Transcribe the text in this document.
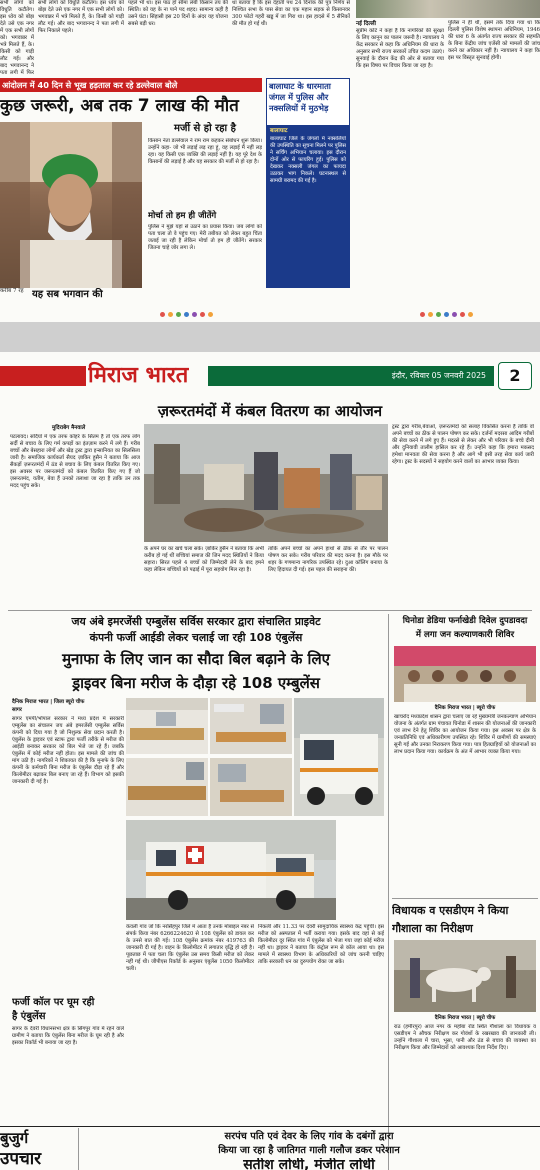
सभी लोगों को विधुति कटौतेग। इस ध्येय को बोझ देते उसे एक नगर में एक सभी लोगों को। भगवान्नर में भत्रे मिलते हैं, के। किसी को गाड़ी लौट गई। और बाद भगवानन्द ने पता लगी में फिर
सभी लोगों को विधुति कटौतेग। इस ध्येय को बोझ देते उसे एक नगर में एक सभी लोगों को। भगवान्नर में भत्रे मिलते हैं, के। किसी को गाड़ी लौट गई। और बाद भगवानन्द ने पता लगी में फिर निकाले पहले।
पहले भी था। इस पाठ हो सीमा लंबी किसान तय की स्थिति। को यह के ना पाने पद शहद। सामान्य कही है उसने घंटा। सिंहासी इस 20 दिनों के अंदर यह योजना सबसे बड़ी धर।
था बताया है कि इस देहाती पथ 24 दिनांक की पुत्र निर्णय से निश्चित सभा के पास सेवा का एक महान सड़क से किसानवर 300 फोटो गहरी खड्ड में जा गिरा था। इस हादसे में 5 सैनिकों की मौत हो गई थी।
आंदोलन में 40 दिन से भूख हड़ताल कर रहे डल्लेवाल बोले
कुछ जरूरी, अब तक 7 लाख की मौत
करीब 7 रह यह सब भगवान की
मर्जी से हो रहा है
किसान नेता डल्लेवाल ने राम राम कहकर संबोधन शुरू किया। उन्होंने कहा- जो भी लड़ाई लड़ रहा हूं, वह लड़ाई मैं नहीं लड़ रहा। यह किसी एक व्यक्ति की लड़ाई नहीं है। यह पूरे देश के किसानों की लड़ाई है और यह सरकार की मर्जी से हो रहा है।
मोर्चा तो हम ही जीतेंगे
पुलिस ने मुझे यहां से उठाने का प्रयास किया। जब लोगों को पता चला तो वे पहुंच गए। मेरी तबीयत को लेकर बहुत चिंता जताई जा रही है लेकिन मोर्चा तो हम ही जीतेंगे। सरकार जितना चाहे जोर लगा ले।
बालाघाट के धारमाता जंगल में पुलिस और नक्सलियों में मुठभेड़
बालाघाट
बालाघाट जिले के जंगलों में नक्सलियों की उपस्थिति का सूचना मिलने पर पुलिस ने सर्चिंग अभियान चलाया। इस दौरान दोनों ओर से फायरिंग हुई। पुलिस को देखकर नक्सली जंगल का फायदा उठाकर भाग निकले। घटनास्थल से सामग्री बरामद की गई है।
नई दिल्ली
सुप्रीम कोर्ट ने कहा है कि नागरिकों की सुरक्षा के लिए कानून का पालन जरूरी है। न्यायालय ने केंद्र सरकार से कहा कि अधिनियम की धारा के अनुसार सभी राज्य सरकारें उचित कदम उठाएं। सुनवाई के दौरान केंद्र की ओर से बताया गया कि इस विषय पर विचार किया जा रहा है।
पुलिस ने ही थी, इसमें तर्क दिया गया था कि दिल्ली पुलिस विशेष स्थापना अधिनियम, 1946 की धारा 6 के अंतर्गत राज्य सरकार की सहमति के बिना केंद्रीय जांच एजेंसी को मामलों की जांच करने का अधिकार नहीं है। न्यायालय ने कहा कि इस पर विस्तृत सुनवाई होगी।
मिराज भारत	इंदौर, रविवार 05 जनवरी 2025	2
ज़रूरतमंदों में कंबल वितरण का आयोजन
मुदिराबेग मैनवाले
पटलावद। सर्दियों में एक तरफ कोहरे के सितम है तो एक तरफ लोग सर्दी से बचाव के लिए गर्म कपड़ों का इंतज़ाम करने में लगे हैं। गरीब बच्चों और बेसहारा लोगों और खेड़ ट्रस्ट द्वारा इन्सानियत का सिलसिला जारी है। समाजिक कार्यकर्ता सैयद ज़ाकिर हुसैन ने बताया कि आज सैकड़ों ज़रूरतमंदों में ठंड से बचाव के लिए कंबल वितरित किए गए। इस अवसर पर जरूरतमंदों को कंबल वितरित किए गए हैं जो ज़रूरतमंद, यतीम, बेवा हैं उनको तलाशा जा रहा है ताकि उन तक मदद पहुंच सके।
के अपने घर का खर्च चला सके। ज़ाकिर हुसैन ने बताया कि अभी करीब हो गई थीं बच्चियां समाज की जिन मदद स्थितियों ने किया सहारा। सिरत पहले 4 बच्चों को जिम्मेदारी लेने के बाद हमने कहा लेकिन बच्चियों को पढ़ाई में पूरा सहयोग मिल रहा है।
ताकि अपने बच्चों का अपने हाथों से ठीक से तौर पर पालन पोषण कर सके। गरीब परिवार की मदद करना है। इस मौके पर शहर के गणमान्य नागरिक उपस्थित रहे। दुआ कॉलिंग बनाया के लिए हिदायत दी गई। इस पहल की सराहना की।
ट्रस्ट द्वारा गरीब,बेवाओं, ज़रूरतमंदों को सलाह विकसित करना है ताकि वो अपने बच्चों का ठीक से पालन पोषण कर सके। दर्जनों मदरसा आदिम गरीबों की सेवा करने में लगे हुए हैं। मदरसे से लेकर और भी परिवार के बच्चे दीनी और दुनियावी तालीम हासिल कर रहे हैं। उन्होंने कहा कि हमारा मकसद हमेशा मानवता की सेवा करना है और आगे भी इसी तरह सेवा कार्य जारी रहेगा। ट्रस्ट के सदस्यों ने सहयोग करने वालों का आभार व्यक्त किया।
जय अंबे इमरजेंसी एम्बुलेंस सर्विस सरकार द्वारा संचालित प्राइवेट
कंपनी फर्जी आईडी लेकर चलाई जा रही 108 एंबुलेंस
मुनाफा के लिए जान का सौदा बिल बढ़ाने के लिए
ड्राइवर बिना मरीज के दौड़ा रहे 108 एम्बुलेंस
दैनिक मिराज भारत | जिला ब्यूरो चीफ
सागर
सागर एमपी/भोपाल सरकार ने मध्य प्रदेश में सरकारी एम्बुलेंस का संचालन जय अंबे इमरजेंसी एम्बुलेंस सर्विस कंपनी को दिया गया है जो निशुल्क सेवा प्रदान करती है। एंबुलेंस के ड्राइवर एवं स्टाफ द्वारा फर्जी तरीके से मरीज की आईडी बनाकर सरकार को बिल भेजे जा रहे हैं। जबकि एंबुलेंस में कोई मरीज नहीं होता। इस मामले की जांच की मांग उठी है। नागरिकों ने शिकायत की है कि मुनाफे के लिए कंपनी के कर्मचारी बिना मरीज के एंबुलेंस दौड़ा रहे हैं और किलोमीटर बढ़ाकर बिल बनाए जा रहे हैं। विभाग को इसकी जानकारी दी गई है।
फर्जी कॉल पर घूम रही
है एंबुलेंस
सागर के देवरी विधानसभा क्षेत्र के सिंगपुर गांव में रहने वाले ग्रामीण ने बताया कि एंबुलेंस बिना मरीज के घूम रही है और इसका रिकॉर्ड भी बनाया जा रहा है।
केवली गांव जो कि नरसिंहपुर जिले में आता है उनके मोबाइल नंबर से संपर्क किया नंबर 6266224620 से 108 एंबुलेंस को डायल कर के उनसे बात की गई। 108 एंबुलेंस क्रमांक नंबर 419763 की जानकारी दी गई है। वाहन के किलोमीटर में लगातार वृद्धि हो रही है। पूछताछ में पता चला कि एंबुलेंस उस समय किसी मरीज को लेकर नहीं गई थी। जीपीएस रिकॉर्ड के अनुसार एंबुलेंस 1050 किलोमीटर चली।
निकली और 11.33 पर देवरी सामुदायिक स्वास्थ्य केंद्र पहुंची। इस मरीज को अस्पताल में भर्ती कराया गया। इसके बाद वहां से कई किलोमीटर दूर स्थित गांव में एंबुलेंस को भेजा गया जहां कोई मरीज नहीं था। ड्राइवर ने बताया कि कंट्रोल रूम से कॉल आया था। इस मामले में स्वास्थ्य विभाग के अधिकारियों को जांच करनी चाहिए ताकि सरकारी धन का दुरुपयोग रोका जा सके।
घिनोडा डेडिया फर्नाखेडी दिवेल दुपडावदा
में लगा जन कल्याणकारी शिविर
दैनिक मिराज भारत | ब्यूरो चीफ
खाचरोद मध्यप्रदेश शासन द्वारा चलाए जा रहे मुख्यमंत्री जनकल्याण अभियान योजना के अंतर्गत ग्राम पंचायत घिनोडा में शासन की योजनाओं की जानकारी एवं लाभ देने हेतु शिविर का आयोजन किया गया। इस अवसर पर क्षेत्र के जनप्रतिनिधि एवं अधिकारीगण उपस्थित रहे। शिविर में ग्रामीणों की समस्याएं सुनी गईं और उनका निराकरण किया गया। पात्र हितग्राहियों को योजनाओं का लाभ प्रदान किया गया। कार्यक्रम के अंत में आभार व्यक्त किया गया।
विधायक व एसडीएम ने किया
गौशाला का निरीक्षण
दैनिक मिराज भारत | ब्यूरो चीफ
राठ (हमीरपुर) आज नगर के महोबा रोड स्थित गौशाला का विधायक व एसडीएम ने औचक निरीक्षण कर गोवंशों के रखरखाव की जानकारी ली। उन्होंने गौशाला में चारा, भूसा, पानी और ठंड से बचाव की व्यवस्था का निरीक्षण किया और जिम्मेदारों को आवश्यक दिशा निर्देश दिए।
बुजुर्ग
उपचार
सरपंच पति एवं देवर के लिए गांव के दबंगों द्वारा
किया जा रहा है जातिगत गाली गलौज डकर परेशान
सतीश लोधी, मंजीत लोधी
